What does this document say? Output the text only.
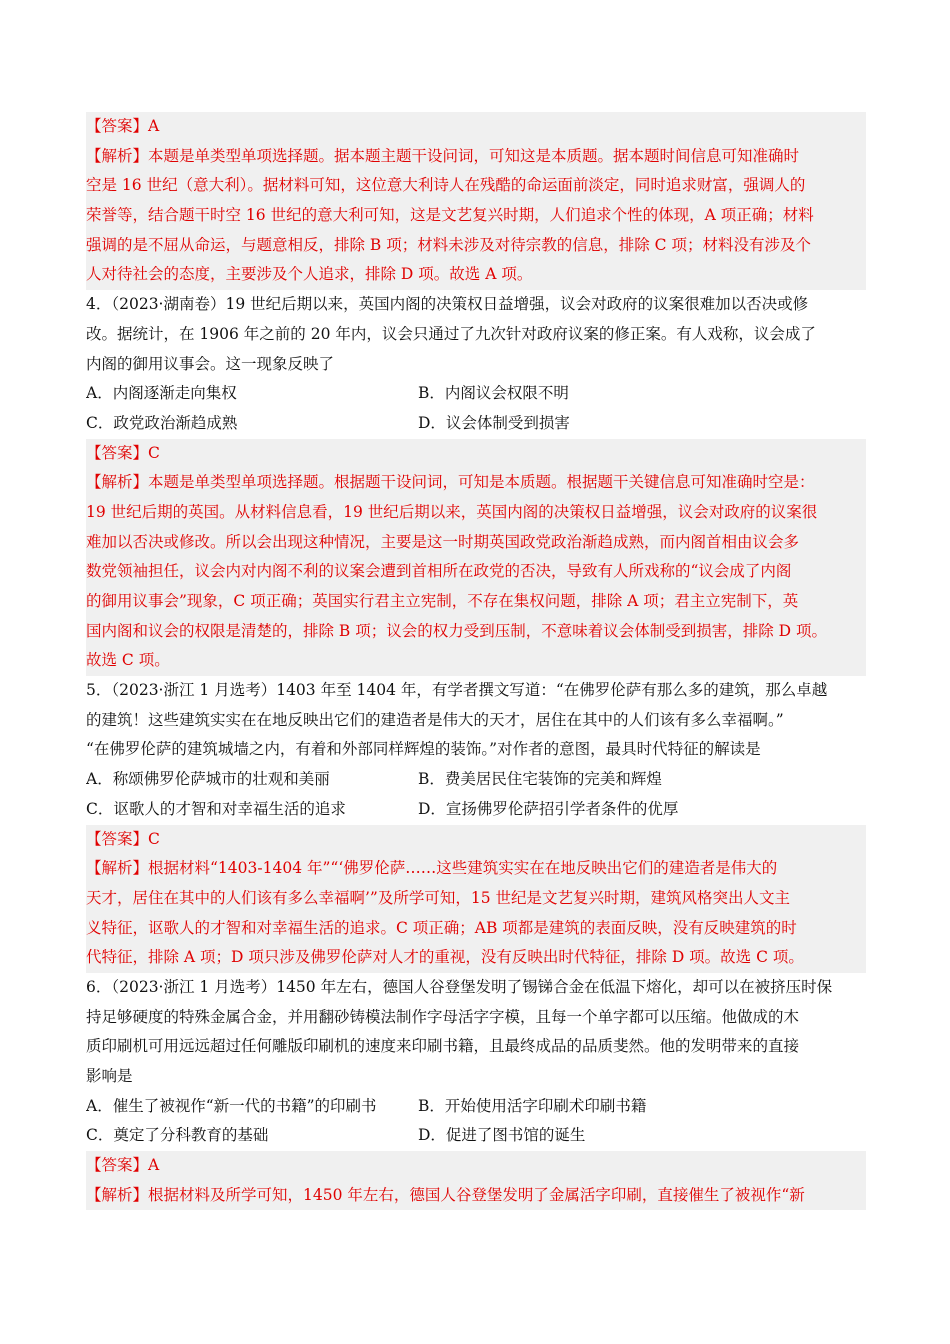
【答案】A
【解析】本题是单类型单项选择题。据本题主题干设问词，可知这是本质题。据本题时间信息可知准确时
空是 16 世纪（意大利）。据材料可知，这位意大利诗人在残酷的命运面前淡定，同时追求财富，强调人的
荣誉等，结合题干时空 16 世纪的意大利可知，这是文艺复兴时期，人们追求个性的体现，A 项正确；材料
强调的是不屈从命运，与题意相反，排除 B 项；材料未涉及对待宗教的信息，排除 C 项；材料没有涉及个
人对待社会的态度，主要涉及个人追求，排除 D 项。故选 A 项。
4．（2023·湖南卷）19 世纪后期以来，英国内阁的决策权日益增强，议会对政府的议案很难加以否决或修
改。据统计，在 1906 年之前的 20 年内，议会只通过了九次针对政府议案的修正案。有人戏称，议会成了
内阁的御用议事会。这一现象反映了
A．内阁逐渐走向集权	B．内阁议会权限不明
C．政党政治渐趋成熟	D．议会体制受到损害
【答案】C
【解析】本题是单类型单项选择题。根据题干设问词，可知是本质题。根据题干关键信息可知准确时空是：
19 世纪后期的英国。从材料信息看，19 世纪后期以来，英国内阁的决策权日益增强，议会对政府的议案很
难加以否决或修改。所以会出现这种情况，主要是这一时期英国政党政治渐趋成熟，而内阁首相由议会多
数党领袖担任，议会内对内阁不利的议案会遭到首相所在政党的否决，导致有人所戏称的“议会成了内阁
的御用议事会”现象，C 项正确；英国实行君主立宪制，不存在集权问题，排除 A 项；君主立宪制下，英
国内阁和议会的权限是清楚的，排除 B 项；议会的权力受到压制，不意味着议会体制受到损害，排除 D 项。
故选 C 项。
5．（2023·浙江 1 月选考）1403 年至 1404 年，有学者撰文写道：“在佛罗伦萨有那么多的建筑，那么卓越
的建筑！这些建筑实实在在地反映出它们的建造者是伟大的天才，居住在其中的人们该有多么幸福啊。”
“在佛罗伦萨的建筑城墙之内，有着和外部同样辉煌的装饰。”对作者的意图，最具时代特征的解读是
A．称颂佛罗伦萨城市的壮观和美丽	B．费美居民住宅装饰的完美和辉煌
C．讴歌人的才智和对幸福生活的追求	D．宣扬佛罗伦萨招引学者条件的优厚
【答案】C
【解析】根据材料“1403-1404 年”“‘佛罗伦萨……这些建筑实实在在地反映出它们的建造者是伟大的
天才，居住在其中的人们该有多么幸福啊’”及所学可知，15 世纪是文艺复兴时期，建筑风格突出人文主
义特征，讴歌人的才智和对幸福生活的追求。C 项正确；AB 项都是建筑的表面反映，没有反映建筑的时
代特征，排除 A 项；D 项只涉及佛罗伦萨对人才的重视，没有反映出时代特征，排除 D 项。故选 C 项。
6．（2023·浙江 1 月选考）1450 年左右，德国人谷登堡发明了锡锑合金在低温下熔化，却可以在被挤压时保
持足够硬度的特殊金属合金，并用翻砂铸模法制作字母活字字模，且每一个单字都可以压缩。他做成的木
质印刷机可用远远超过任何雕版印刷机的速度来印刷书籍，且最终成品的品质斐然。他的发明带来的直接
影响是
A．催生了被视作“新一代的书籍”的印刷书	B．开始使用活字印刷术印刷书籍
C．奠定了分科教育的基础	D．促进了图书馆的诞生
【答案】A
【解析】根据材料及所学可知，1450 年左右，德国人谷登堡发明了金属活字印刷，直接催生了被视作“新
